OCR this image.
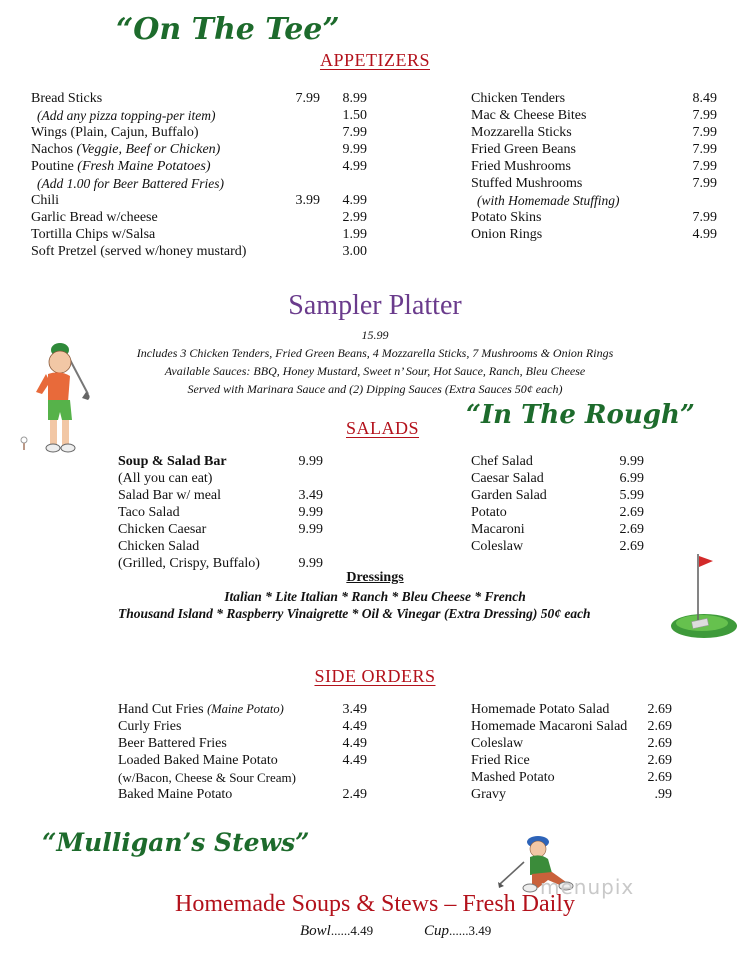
“On The Tee”
APPETIZERS
Bread Sticks	7.99	8.99
(Add any pizza topping-per item)	1.50
Wings (Plain, Cajun, Buffalo)	7.99
Nachos (Veggie, Beef or Chicken)	9.99
Poutine (Fresh Maine Potatoes)	4.99
(Add 1.00 for Beer Battered Fries)
Chili	3.99	4.99
Garlic Bread w/cheese	2.99
Tortilla Chips w/Salsa	1.99
Soft Pretzel (served w/honey mustard)	3.00
Chicken Tenders	8.49
Mac & Cheese Bites	7.99
Mozzarella Sticks	7.99
Fried Green Beans	7.99
Fried Mushrooms	7.99
Stuffed Mushrooms	7.99
(with Homemade Stuffing)
Potato Skins	7.99
Onion Rings	4.99
Sampler Platter
15.99
Includes 3 Chicken Tenders, Fried Green Beans, 4 Mozzarella Sticks, 7 Mushrooms & Onion Rings
Available Sauces: BBQ, Honey Mustard, Sweet n’ Sour, Hot Sauce, Ranch, Bleu Cheese
Served with Marinara Sauce and (2) Dipping Sauces (Extra Sauces 50¢ each)
“In The Rough”
SALADS
Soup & Salad Bar	9.99
(All you can eat)
Salad Bar w/ meal	3.49
Taco Salad	9.99
Chicken Caesar	9.99
Chicken Salad
(Grilled, Crispy, Buffalo)	9.99
Chef Salad	9.99
Caesar Salad	6.99
Garden Salad	5.99
Potato	2.69
Macaroni	2.69
Coleslaw	2.69
Dressings
Italian * Lite Italian * Ranch * Bleu Cheese * French
Thousand Island * Raspberry Vinaigrette * Oil & Vinegar (Extra Dressing) 50¢ each
SIDE ORDERS
Hand Cut Fries (Maine Potato)	3.49
Curly Fries	4.49
Beer Battered Fries	4.49
Loaded Baked Maine Potato	4.49
(w/Bacon, Cheese & Sour Cream)
Baked Maine Potato	2.49
Homemade Potato Salad	2.69
Homemade Macaroni Salad	2.69
Coleslaw	2.69
Fried Rice	2.69
Mashed Potato	2.69
Gravy	.99
“Mulligan’s Stews”
menupix
Homemade Soups & Stews – Fresh Daily
Bowl......4.49	Cup......3.49
